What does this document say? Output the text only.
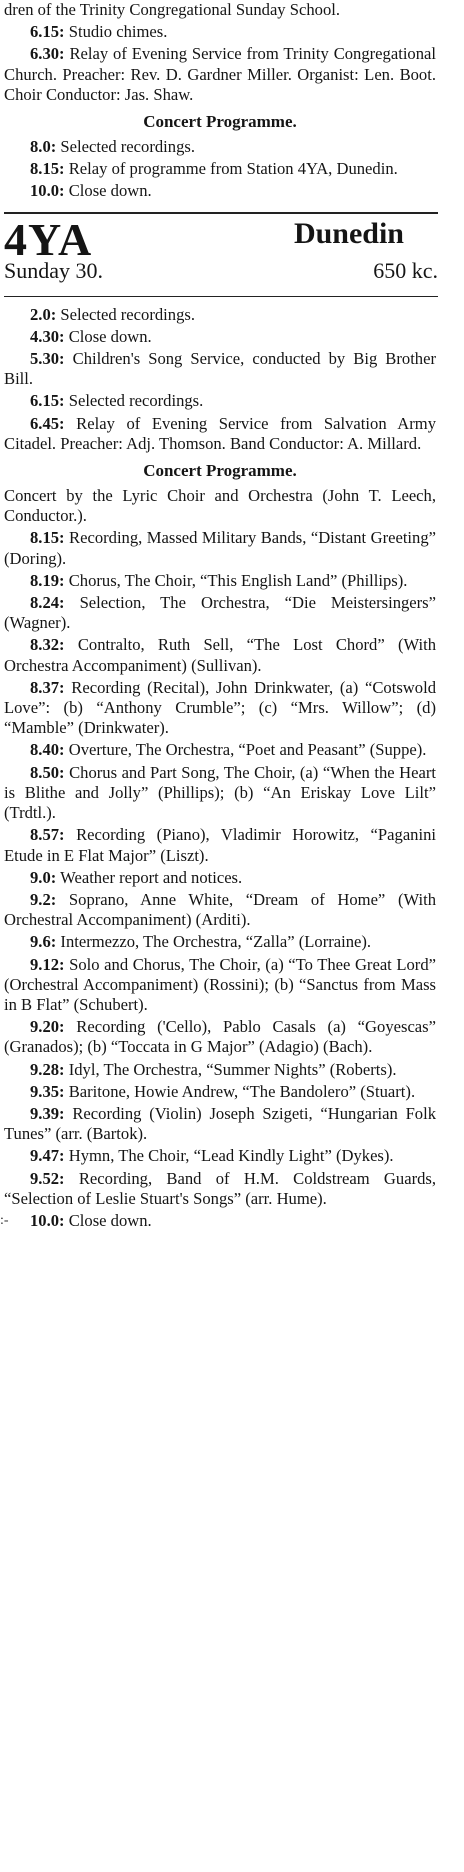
dren of the Trinity Congregational Sunday School.

6.15: Studio chimes.

6.30: Relay of Evening Service from Trinity Congregational Church. Preacher: Rev. D. Gardner Miller. Organist: Len. Boot. Choir Conductor: Jas. Shaw.

Concert Programme.

8.0: Selected recordings.

8.15: Relay of programme from Station 4YA, Dunedin.

10.0: Close down.

4YA	Dunedin
Sunday 30.	650 kc.

2.0: Selected recordings.

4.30: Close down.

5.30: Children's Song Service, conducted by Big Brother Bill.

6.15: Selected recordings.

6.45: Relay of Evening Service from Salvation Army Citadel. Preacher: Adj. Thomson. Band Conductor: A. Millard.

Concert Programme.

Concert by the Lyric Choir and Orchestra (John T. Leech, Conductor.).

8.15: Recording, Massed Military Bands, “Distant Greeting” (Doring).

8.19: Chorus, The Choir, “This English Land” (Phillips).

8.24: Selection, The Orchestra, “Die Meistersingers” (Wagner).

8.32: Contralto, Ruth Sell, “The Lost Chord” (With Orchestra Accompaniment) (Sullivan).

8.37: Recording (Recital), John Drinkwater, (a) “Cotswold Love”: (b) “Anthony Crumble”; (c) “Mrs. Willow”; (d) “Mamble” (Drinkwater).

8.40: Overture, The Orchestra, “Poet and Peasant” (Suppe).

8.50: Chorus and Part Song, The Choir, (a) “When the Heart is Blithe and Jolly” (Phillips); (b) “An Eriskay Love Lilt” (Trdtl.).

8.57: Recording (Piano), Vladimir Horowitz, “Paganini Etude in E Flat Major” (Liszt).

9.0: Weather report and notices.

9.2: Soprano, Anne White, “Dream of Home” (With Orchestral Accompaniment) (Arditi).

9.6: Intermezzo, The Orchestra, “Zalla” (Lorraine).

9.12: Solo and Chorus, The Choir, (a) “To Thee Great Lord” (Orchestral Accompaniment) (Rossini); (b) “Sanctus from Mass in B Flat” (Schubert).

9.20: Recording ('Cello), Pablo Casals (a) “Goyescas” (Granados); (b) “Toccata in G Major” (Adagio) (Bach).

9.28: Idyl, The Orchestra, “Summer Nights” (Roberts).

9.35: Baritone, Howie Andrew, “The Bandolero” (Stuart).

9.39: Recording (Violin) Joseph Szigeti, “Hungarian Folk Tunes” (arr. (Bartok).

9.47: Hymn, The Choir, “Lead Kindly Light” (Dykes).

9.52: Recording, Band of H.M. Coldstream Guards, “Selection of Leslie Stuart's Songs” (arr. Hume).

10.0: Close down.

:-
